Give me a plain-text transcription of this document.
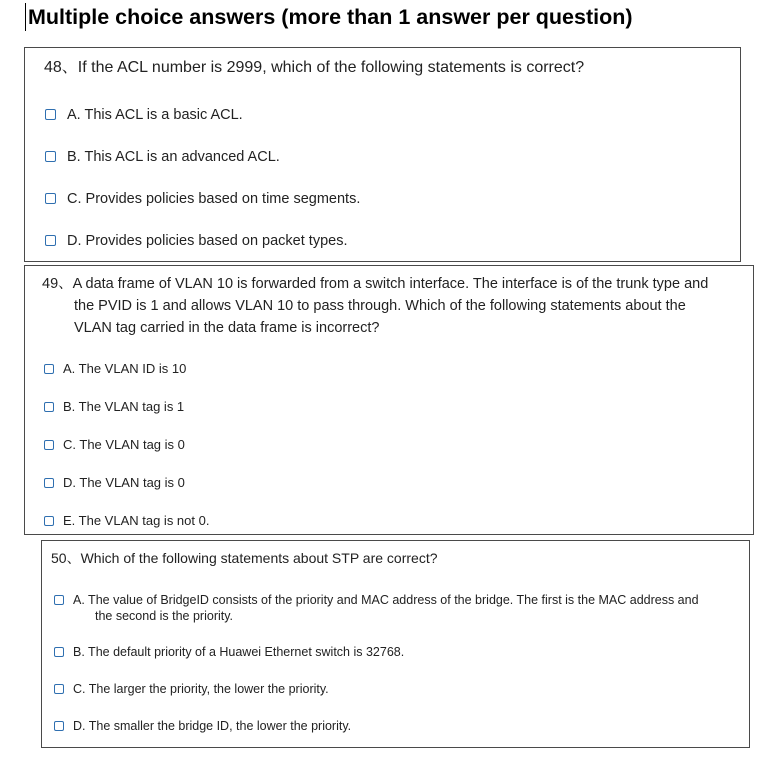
Multiple choice answers (more than 1 answer per question)
48、If the ACL number is 2999, which of the following statements is correct?
A. This ACL is a basic ACL.
B. This ACL is an advanced ACL.
C. Provides policies based on time segments.
D. Provides policies based on packet types.
49、A data frame of VLAN 10 is forwarded from a switch interface. The interface is of the trunk type and
the PVID is 1 and allows VLAN 10 to pass through. Which of the following statements about the
VLAN tag carried in the data frame is incorrect?
A. The VLAN ID is 10
B. The VLAN tag is 1
C. The VLAN tag is 0
D. The VLAN tag is 0
E. The VLAN tag is not 0.
50、Which of the following statements about STP are correct?
A. The value of BridgeID consists of the priority and MAC address of the bridge. The first is the MAC address and
the second is the priority.
B. The default priority of a Huawei Ethernet switch is 32768.
C. The larger the priority, the lower the priority.
D. The smaller the bridge ID, the lower the priority.
